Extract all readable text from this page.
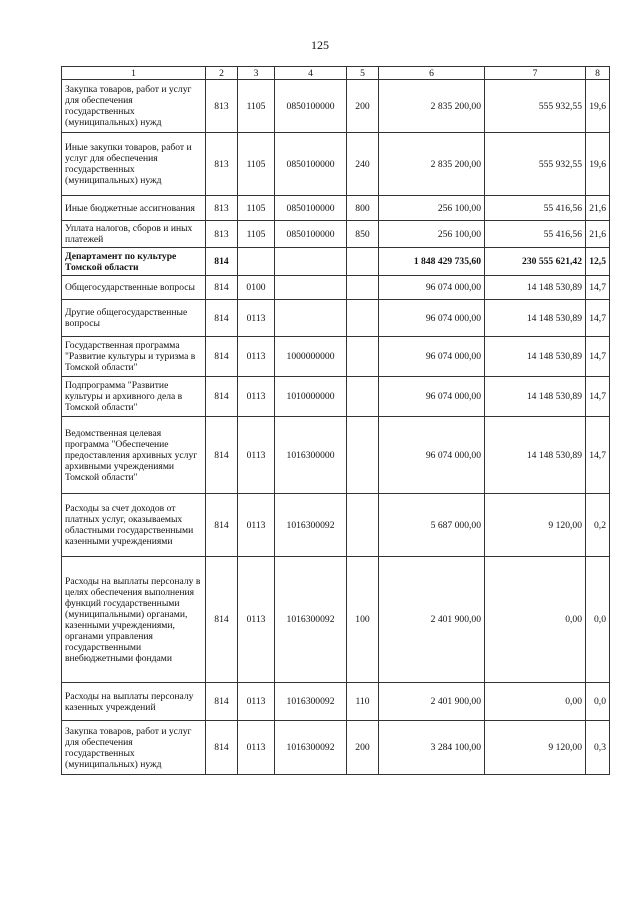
125
1	2	3	4	5	6	7	8
Закупка товаров, работ и услуг для обеспечения государственных (муниципальных) нужд	813	1105	0850100000	200	2 835 200,00	555 932,55	19,6
Иные закупки товаров, работ и услуг для обеспечения государственных (муниципальных) нужд	813	1105	0850100000	240	2 835 200,00	555 932,55	19,6
Иные бюджетные ассигнования	813	1105	0850100000	800	256 100,00	55 416,56	21,6
Уплата налогов, сборов и иных платежей	813	1105	0850100000	850	256 100,00	55 416,56	21,6
Департамент по культуре Томской области	814				1 848 429 735,60	230 555 621,42	12,5
Общегосударственные вопросы	814	0100			96 074 000,00	14 148 530,89	14,7
Другие общегосударственные вопросы	814	0113			96 074 000,00	14 148 530,89	14,7
Государственная программа "Развитие культуры и туризма в Томской области"	814	0113	1000000000		96 074 000,00	14 148 530,89	14,7
Подпрограмма "Развитие культуры и архивного дела в Томской области"	814	0113	1010000000		96 074 000,00	14 148 530,89	14,7
Ведомственная целевая программа "Обеспечение предоставления архивных услуг архивными учреждениями Томской области"	814	0113	1016300000		96 074 000,00	14 148 530,89	14,7
Расходы за счет доходов от платных услуг, оказываемых областными государственными казенными учреждениями	814	0113	1016300092		5 687 000,00	9 120,00	0,2
Расходы на выплаты персоналу в целях обеспечения выполнения функций государственными (муниципальными) органами, казенными учреждениями, органами управления государственными внебюджетными фондами	814	0113	1016300092	100	2 401 900,00	0,00	0,0
Расходы на выплаты персоналу казенных учреждений	814	0113	1016300092	110	2 401 900,00	0,00	0,0
Закупка товаров, работ и услуг для обеспечения государственных (муниципальных) нужд	814	0113	1016300092	200	3 284 100,00	9 120,00	0,3
